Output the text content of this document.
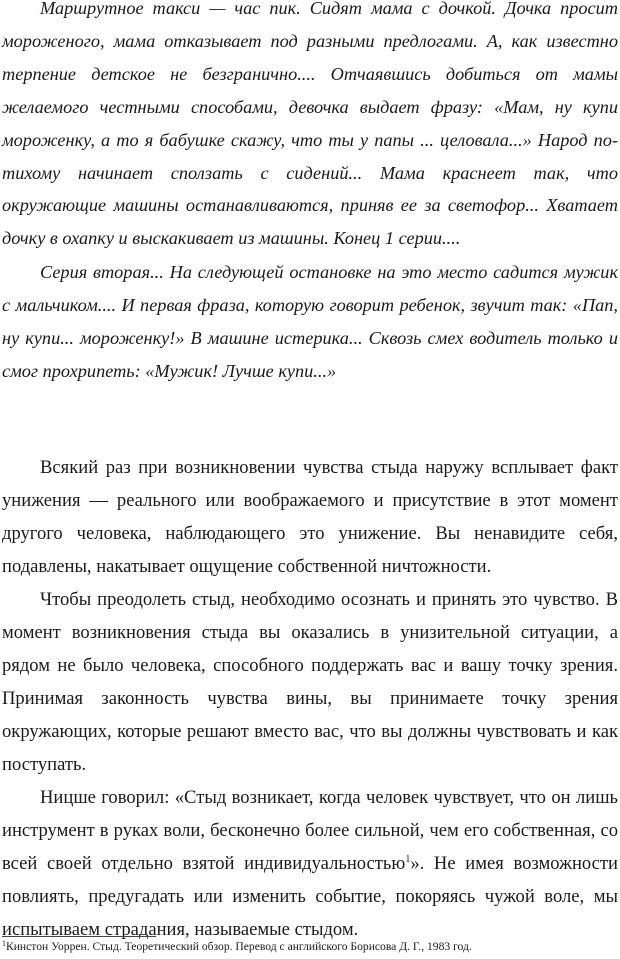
Маршрутное такси — час пик. Сидят мама с дочкой. Дочка просит мороженого, мама отказывает под разными предлогами. А, как известно терпение детское не безгранично.... Отчаявшись добиться от мамы желаемого честными способами, девочка выдает фразу: «Мам, ну купи мороженку, а то я бабушке скажу, что ты у папы ... целовала...» Народ по-тихому начинает сползать с сидений... Мама краснеет так, что окружающие машины останавливаются, приняв ее за светофор... Хватает дочку в охапку и выскакивает из машины. Конец 1 серии....

Серия вторая... На следующей остановке на это место садится мужик с мальчиком.... И первая фраза, которую говорит ребенок, звучит так: «Пап, ну купи... мороженку!» В машине истерика... Сквозь смех водитель только и смог прохрипеть: «Мужик! Лучше купи...»

Всякий раз при возникновении чувства стыда наружу всплывает факт унижения — реального или воображаемого и присутствие в этот момент другого человека, наблюдающего это унижение. Вы ненавидите себя, подавлены, накатывает ощущение собственной ничтожности.

Чтобы преодолеть стыд, необходимо осознать и принять это чувство. В момент возникновения стыда вы оказались в унизительной ситуации, а рядом не было человека, способного поддержать вас и вашу точку зрения. Принимая законность чувства вины, вы принимаете точку зрения окружающих, которые решают вместо вас, что вы должны чувствовать и как поступать.

Ницше говорил: «Стыд возникает, когда человек чувствует, что он лишь инструмент в руках воли, бесконечно более сильной, чем его собственная, со всей своей отдельно взятой индивидуальностью$^1$». Не имея возможности повлиять, предугадать или изменить событие, покоряясь чужой воле, мы испытываем страдания, называемые стыдом.

$^1$Кинстон Уоррен. Стыд. Теоретический обзор. Перевод с английского Борисова Д. Г., 1983 год.
